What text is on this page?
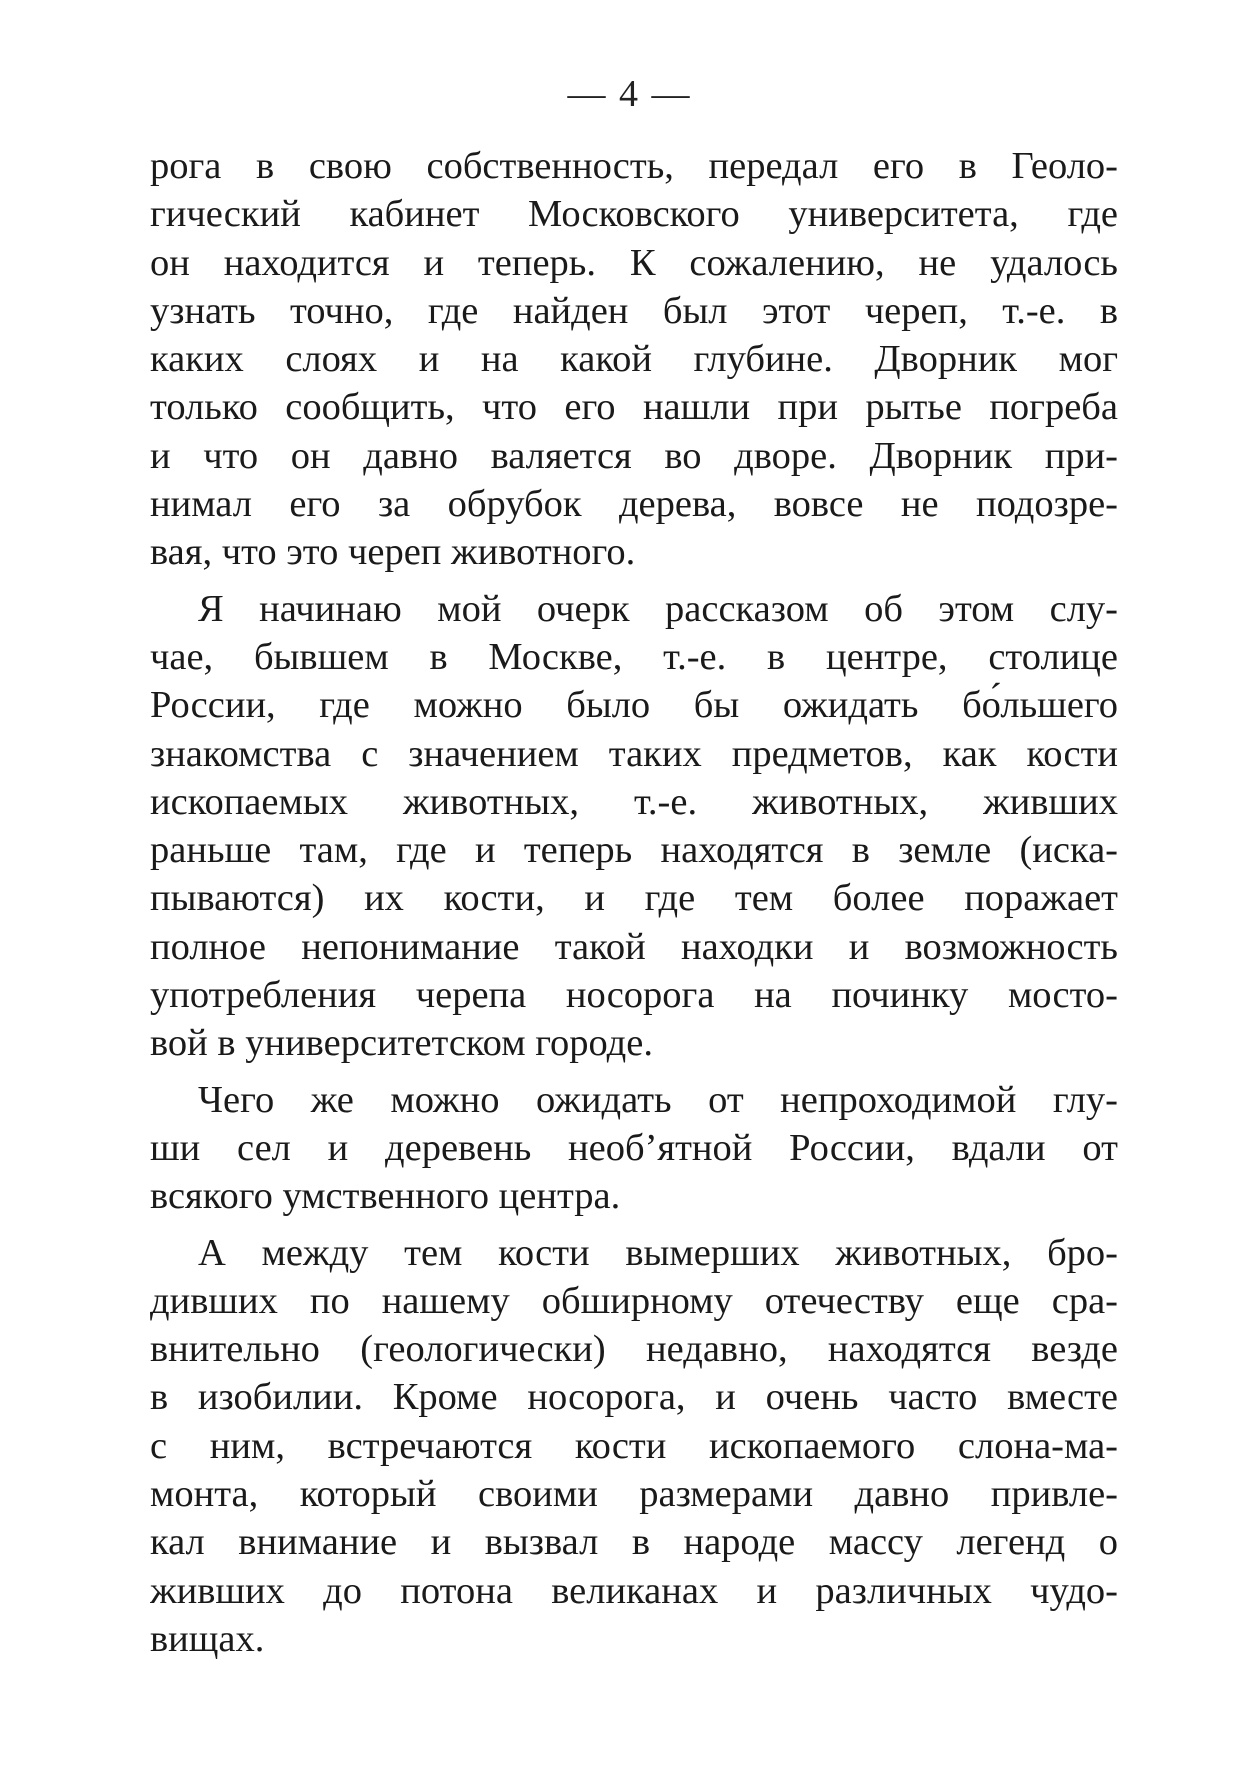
— 4 —

рога в свою собственность, передал его в Геоло-
гический кабинет Московского университета, где
он находится и теперь. К сожалению, не удалось
узнать точно, где найден был этот череп, т.-е. в
каких слоях и на какой глубине. Дворник мог
только сообщить, что его нашли при рытье погреба
и что он давно валяется во дворе. Дворник при-
нимал его за обрубок дерева, вовсе не подозре-
вая, что это череп животного.

Я начинаю мой очерк рассказом об этом слу-
чае, бывшем в Москве, т.-е. в центре, столице
России, где можно было бы ожидать бо́льшего
знакомства с значением таких предметов, как кости
ископаемых животных, т.-е. животных, живших
раньше там, где и теперь находятся в земле (иска-
пываются) их кости, и где тем более поражает
полное непонимание такой находки и возможность
употребления черепа носорога на починку мосто-
вой в университетском городе.

Чего же можно ожидать от непроходимой глу-
ши сел и деревень необ’ятной России, вдали от
всякого умственного центра.

А между тем кости вымерших животных, бро-
дивших по нашему обширному отечеству еще сра-
внительно (геологически) недавно, находятся везде
в изобилии. Кроме носорога, и очень часто вместе
с ним, встречаются кости ископаемого слона-ма-
монта, который своими размерами давно привле-
кал внимание и вызвал в народе массу легенд о
живших до потона великанах и различных чудо-
вищах.
